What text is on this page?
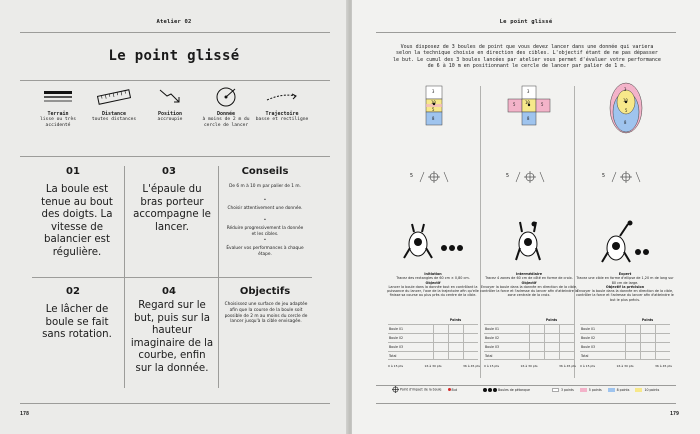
Atelier 02
Le point glissé
Terrain
lisse ou très accidenté
Distance
toutes distances
Position
accroupie
Donnée
à moins de 2 m du cercle de lancer
Trajectoire
basse et rectiligne
01
La boule est tenue au bout des doigts. La vitesse de balancier est régulière.
03
L'épaule du bras porteur accompagne le lancer.
02
Le lâcher de boule se fait sans rotation.
04
Regard sur le but, puis sur la hauteur imaginaire de la courbe, enfin sur la donnée.
Conseils
De 6 m à 10 m par palier de 1 m.
·
Choisir attentivement une donnée.
·
Réduire progressivement la donnée et les cibles.
·
Évaluer vos performances à chaque étape.
Objectifs
Choisissez une surface de jeu adaptée afin que la course de la boule soit possible de 2 m au moins du cercle de lancer jusqu'à la cible envisagée.
178
Le point glissé
179
Vous disposez de 3 boules de point que vous devez lancer dans une donnée qui variera selon la technique choisie en direction des cibles. L'objectif étant de ne pas dépasser le but. Le cumul des 3 boules lancées par atelier vous permet d'évaluer votre performance de 6 à 10 m en positionnant le cercle de lancer par palier de 1 m.
3
10
5
8
5
Initiation
Tracez des rectangles de 60 cm × 0,80 cm.
Objectif
Lancer la boule dans la donnée tout en contrôlant la puissance du lancer, l'axe de la trajectoire afin qu'elle finisse sa course au plus près du centre de la cible.
	Points		
Boule 01			
Boule 02			
Boule 03			
Total			
0 à 15 pts	16 à 30 pts	36 à 45 pts
3
5 10	5
8
5
Intermédiaire
Tracez 4 zones de 60 cm de côté en forme de croix.
Objectif
Envoyer la boule dans la donnée en direction de la cible, contrôler la force et l'adresse du lancer afin d'atteindre la zone centrale de la croix.
	Points		
Boule 01			
Boule 02			
Boule 03			
Total			
0 à 15 pts	16 à 30 pts	36 à 45 pts
3
10
5
8
5
Expert
Tracez une cible en forme d'ellipse de 1,20 m de long sur 80 cm de large.
Objectif la précision
Envoyer la boule dans la donnée en direction de la cible, contrôler la force et l'adresse du lancer afin d'atteindre le but le plus précis.
	Points		
Boule 01			
Boule 02			
Boule 03			
Total			
0 à 15 pts	16 à 30 pts	36 à 45 pts
Point d'impact de la boule	But	Boules de pétanque	3 points	5 points	8 points	10 points
